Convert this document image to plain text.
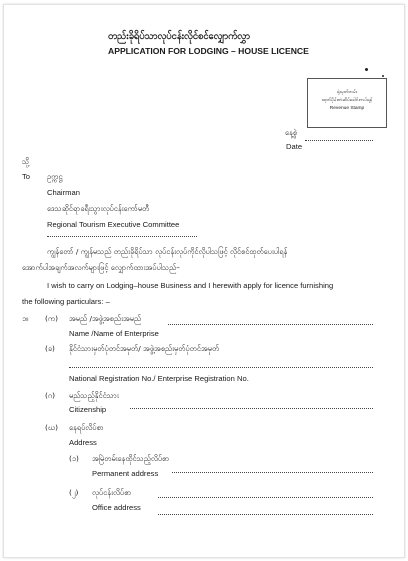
တည်းခိုရိပ်သာလုပ်ငန်းလိုင်စင်လျှောက်လွှာ
APPLICATION FOR LODGING – HOUSE LICENCE
ရုံးမှတ်တမ်း
ထုတ်ပိုမ်းတံဆိပ်ခေါင်းကပ်ရန်
Revenue Stamp
နေ့စွဲ
Date
သို့
To ဥက္ကဋ္ဌ
Chairman
ဒေသဆိုင်ရာခရီးသွားလုပ်ငန်းကော်မတီ
Regional Tourism Executive Committee
ကျွန်တော် / ကျွန်မသည် တည်းခိုရိပ်သာ လုပ်ငန်းလုပ်ကိုင်လိုပါသဖြင့် လိုင်စင်ထုတ်ပေးပါရန်
အောက်ပါအချက်အလက်များဖြင့် လျှောက်ထားအပ်ပါသည်–
I wish to carry on Lodging–house Business and I herewith apply for licence furnishing
the following particulars: –
၁။ (က) အမည် /အဖွဲ့အစည်းအမည်
Name /Name of Enterprise
(ခ) နိုင်ငံသားမှတ်ပုံတင်အမှတ်/ အဖွဲ့အစည်းမှတ်ပုံတင်အမှတ်
National Registration No./ Enterprise Registration No.
(ဂ) မည်သည့်နိုင်ငံသား
Citizenship
(ဃ) နေရပ်လိပ်စာ
Address
(၁) အမြဲတမ်းနေထိုင်သည့်လိပ်စာ
Permanent address
(၂) လုပ်ငန်းလိပ်စာ
Office address
